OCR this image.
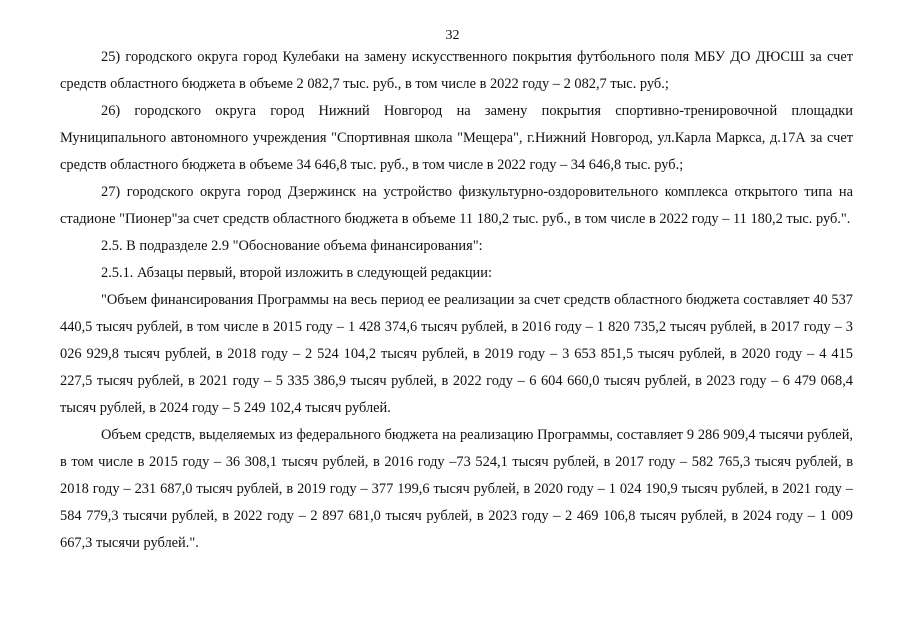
32

25) городского округа город Кулебаки на замену искусственного покрытия футбольного поля МБУ ДО ДЮСШ за счет средств областного бюджета в объеме 2 082,7 тыс. руб., в том числе в 2022 году – 2 082,7 тыс. руб.;

26) городского округа город Нижний Новгород на замену покрытия спортивно-тренировочной площадки Муниципального автономного учреждения "Спортивная школа "Мещера", г.Нижний Новгород, ул.Карла Маркса, д.17А за счет средств областного бюджета в объеме 34 646,8 тыс. руб., в том числе в 2022 году – 34 646,8 тыс. руб.;

27) городского округа город Дзержинск на устройство физкультурно-оздоровительного комплекса открытого типа на стадионе "Пионер"за счет средств областного бюджета в объеме 11 180,2 тыс. руб., в том числе в 2022 году – 11 180,2 тыс. руб.".

2.5. В подразделе 2.9 "Обоснование объема финансирования":

2.5.1. Абзацы первый, второй изложить в следующей редакции:

"Объем финансирования Программы на весь период ее реализации за счет средств областного бюджета составляет 40 537 440,5 тысяч рублей, в том числе в 2015 году – 1 428 374,6 тысяч рублей, в 2016 году – 1 820 735,2 тысяч рублей, в 2017 году – 3 026 929,8 тысяч рублей, в 2018 году – 2 524 104,2 тысяч рублей, в 2019 году – 3 653 851,5 тысяч рублей, в 2020 году – 4 415 227,5 тысяч рублей, в 2021 году – 5 335 386,9 тысяч рублей, в 2022 году – 6 604 660,0 тысяч рублей, в 2023 году – 6 479 068,4 тысяч рублей, в 2024 году – 5 249 102,4 тысяч рублей.

Объем средств, выделяемых из федерального бюджета на реализацию Программы, составляет 9 286 909,4 тысячи рублей, в том числе в 2015 году – 36 308,1 тысяч рублей, в 2016 году –73 524,1 тысяч рублей, в 2017 году – 582 765,3 тысяч рублей, в 2018 году – 231 687,0 тысяч рублей, в 2019 году – 377 199,6 тысяч рублей, в 2020 году – 1 024 190,9 тысяч рублей, в 2021 году – 584 779,3 тысячи рублей, в 2022 году – 2 897 681,0 тысяч рублей, в 2023 году – 2 469 106,8 тысяч рублей, в 2024 году – 1 009 667,3 тысячи рублей.".
